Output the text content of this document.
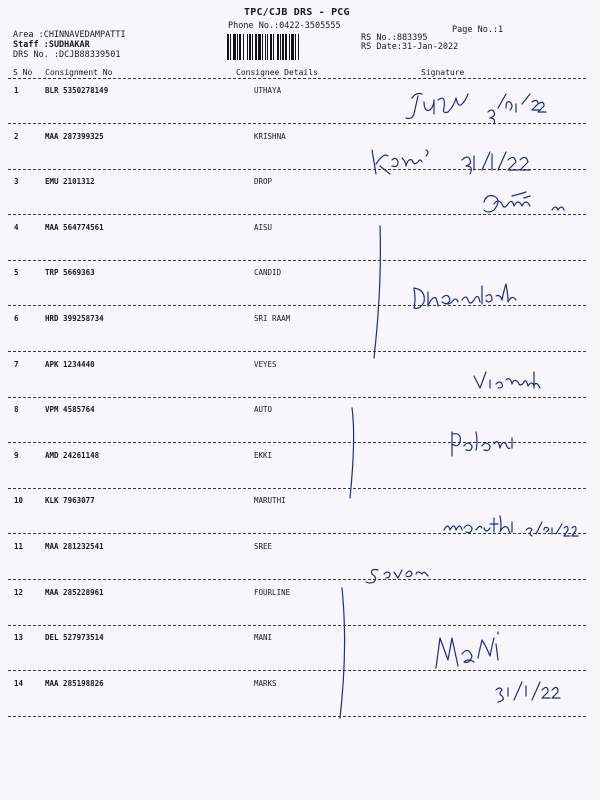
TPC/CJB DRS - PCG
Phone No.:0422-3505555	Page No.:1
Area :CHINNAVEDAMPATTI
Staff :SUDHAKAR
DRS No. :DCJB88339501
RS No.:883395
RS Date:31-Jan-2022
S No Consignment No	Consignee Details	Signature
1	BLR 5350278149	UTHAYA
2	MAA 287399325	KRISHNA
3	EMU 2101312	DROP
4	MAA 564774561	AISU
5	TRP 5669363	CANDID
6	HRD 399258734	SRI RAAM
7	APK 1234440	VEYES
8	VPM 4585764	AUTO
9	AMD 24261148	EKKI
10	KLK 7963077	MARUTHI
11	MAA 281232541	SREE
12	MAA 285228961	FOURLINE
13	DEL 527973514	MANI
14	MAA 285198826	MARKS
